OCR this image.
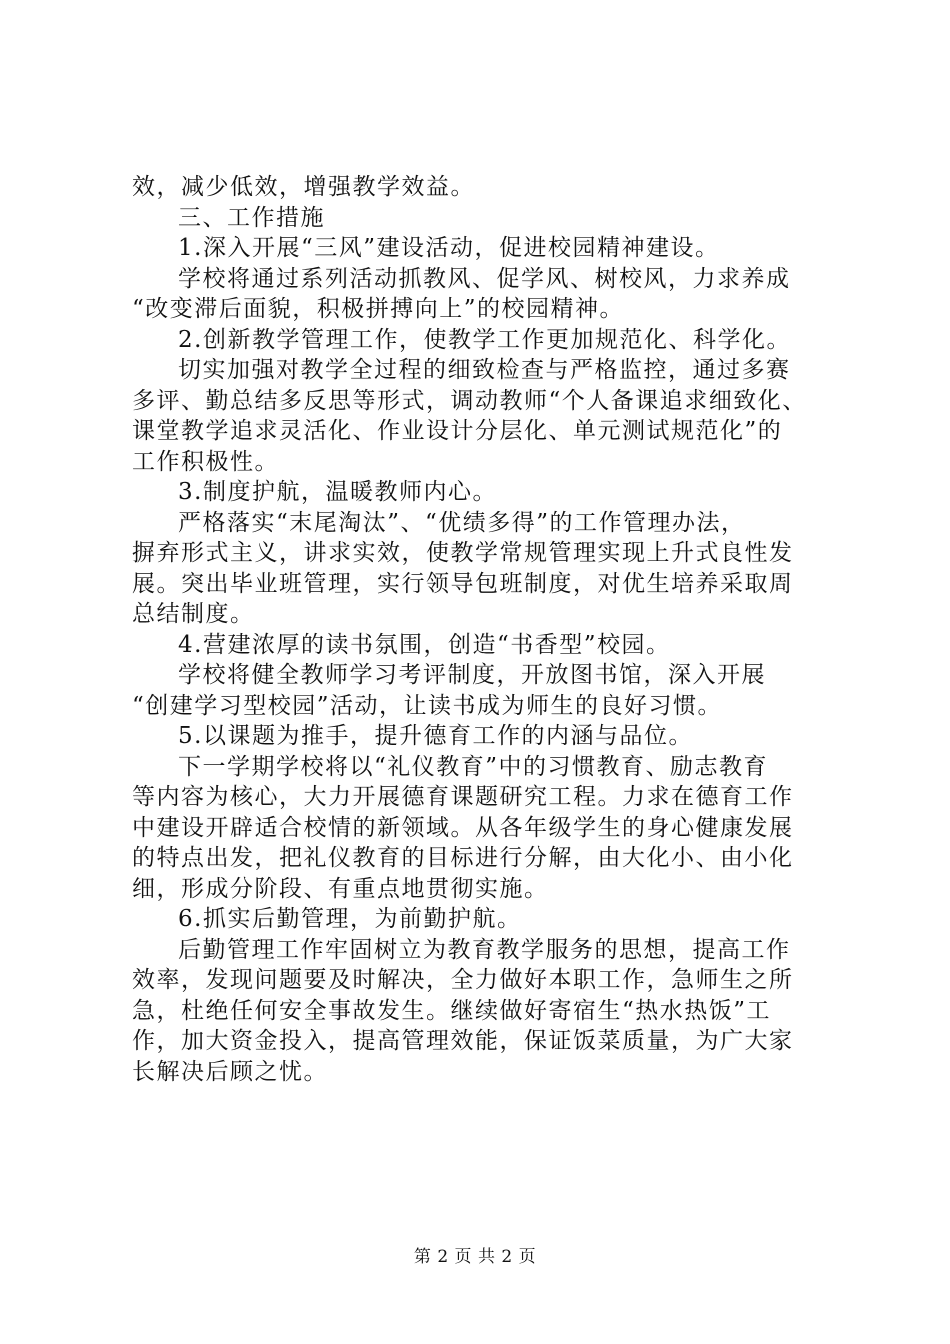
效，减少低效，增强教学效益。
三、工作措施
1.深入开展“三风”建设活动，促进校园精神建设。
学校将通过系列活动抓教风、促学风、树校风，力求养成
“改变滞后面貌，积极拼搏向上”的校园精神。
2.创新教学管理工作，使教学工作更加规范化、科学化。
切实加强对教学全过程的细致检查与严格监控，通过多赛
多评、勤总结多反思等形式，调动教师“个人备课追求细致化、
课堂教学追求灵活化、作业设计分层化、单元测试规范化”的
工作积极性。
3.制度护航，温暖教师内心。
严格落实“末尾淘汰”、“优绩多得”的工作管理办法，
摒弃形式主义，讲求实效，使教学常规管理实现上升式良性发
展。突出毕业班管理，实行领导包班制度，对优生培养采取周
总结制度。
4.营建浓厚的读书氛围，创造“书香型”校园。
学校将健全教师学习考评制度，开放图书馆，深入开展
“创建学习型校园”活动，让读书成为师生的良好习惯。
5.以课题为推手，提升德育工作的内涵与品位。
下一学期学校将以“礼仪教育”中的习惯教育、励志教育
等内容为核心，大力开展德育课题研究工程。力求在德育工作
中建设开辟适合校情的新领域。从各年级学生的身心健康发展
的特点出发，把礼仪教育的目标进行分解，由大化小、由小化
细，形成分阶段、有重点地贯彻实施。
6.抓实后勤管理，为前勤护航。
后勤管理工作牢固树立为教育教学服务的思想，提高工作
效率，发现问题要及时解决，全力做好本职工作，急师生之所
急，杜绝任何安全事故发生。继续做好寄宿生“热水热饭”工
作，加大资金投入，提高管理效能，保证饭菜质量，为广大家
长解决后顾之忧。
第 2 页 共 2 页
